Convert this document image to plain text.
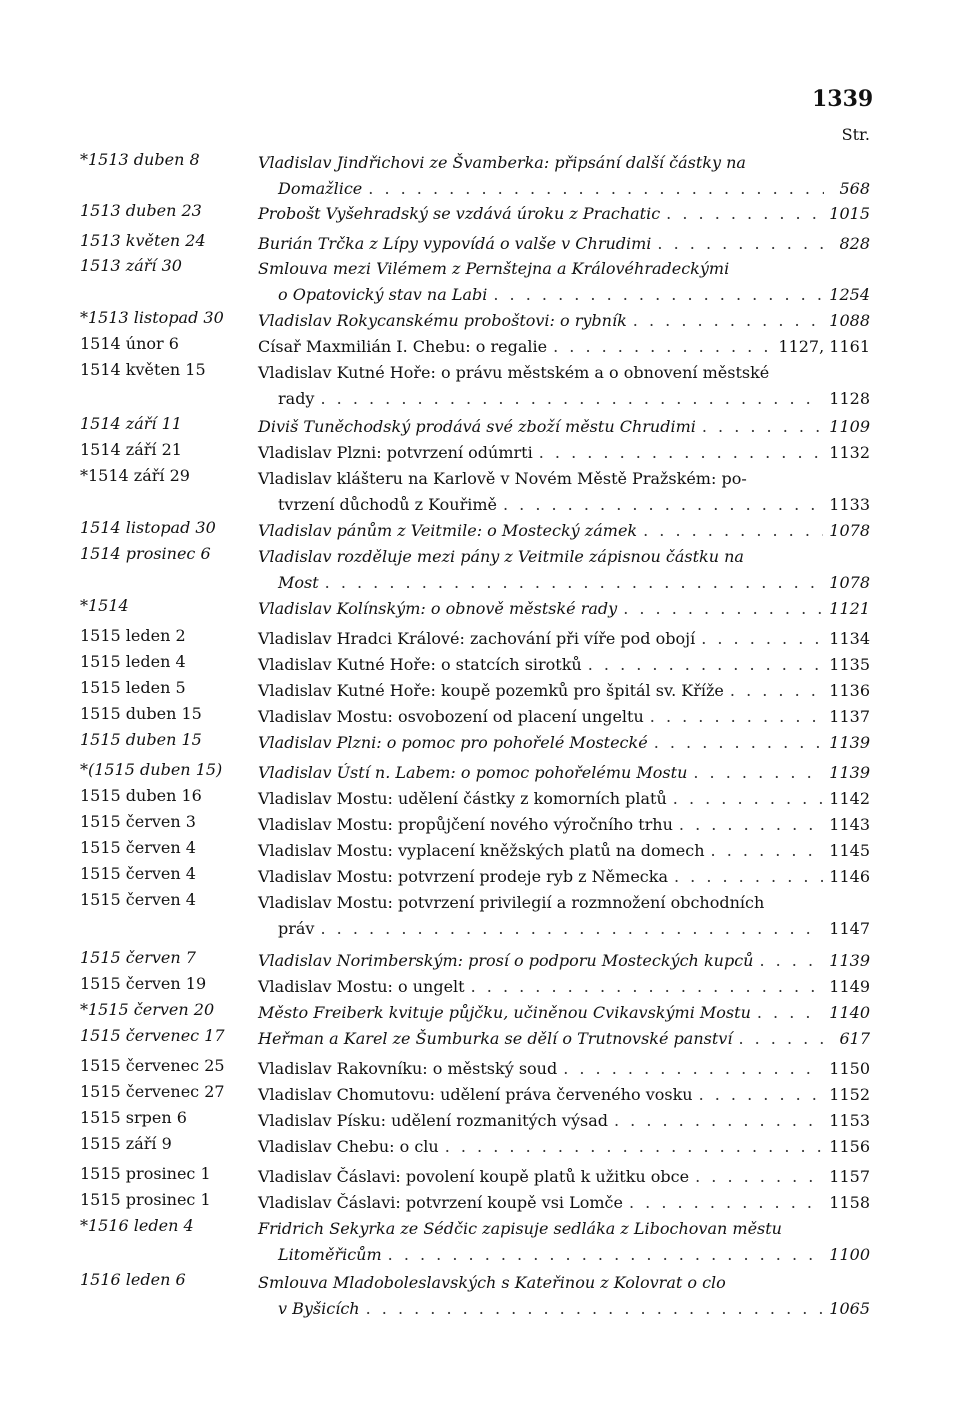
1339
Str.
*1513 duben 8	Vladislav Jindřichovi ze Švamberka: připsání další částky na
Domažlice . . .	568
1513 duben 23	Probošt Vyšehradský se vzdává úroku z Prachatic . . .	1015
1513 květen 24	Burián Trčka z Lípy vypovídá o valše v Chrudimi . . .	828
1513 září 30	Smlouva mezi Vilémem z Pernštejna a Královéhradeckými
o Opatovický stav na Labi . . .	1254
*1513 listopad 30	Vladislav Rokycanskému proboštovi: o rybník . . .	1088
1514 únor 6	Císař Maxmilián I. Chebu: o regalie . . .	1127, 1161
1514 květen 15	Vladislav Kutné Hoře: o právu městském a o obnovení městské
rady . . .	1128
1514 září 11	Diviš Tuněchodský prodává své zboží městu Chrudimi . . .	1109
1514 září 21	Vladislav Plzni: potvrzení odúmrti . . .	1132
*1514 září 29	Vladislav klášteru na Karlově v Novém Městě Pražském: po-
tvrzení důchodů z Kouřimě . . .	1133
1514 listopad 30	Vladislav pánům z Veitmile: o Mostecký zámek . . .	1078
1514 prosinec 6	Vladislav rozděluje mezi pány z Veitmile zápisnou částku na
Most . . .	1078
*1514	Vladislav Kolínským: o obnově městské rady . . .	1121
1515 leden 2	Vladislav Hradci Králové: zachování při víře pod obojí . . .	1134
1515 leden 4	Vladislav Kutné Hoře: o statcích sirotků . . .	1135
1515 leden 5	Vladislav Kutné Hoře: koupě pozemků pro špitál sv. Kříže . . .	1136
1515 duben 15	Vladislav Mostu: osvobození od placení ungeltu . . .	1137
1515 duben 15	Vladislav Plzni: o pomoc pro pohořelé Mostecké . . .	1139
*(1515 duben 15)	Vladislav Ústí n. Labem: o pomoc pohořelému Mostu . . .	1139
1515 duben 16	Vladislav Mostu: udělení částky z komorních platů . . .	1142
1515 červen 3	Vladislav Mostu: propůjčení nového výročního trhu . . .	1143
1515 červen 4	Vladislav Mostu: vyplacení kněžských platů na domech . . .	1145
1515 červen 4	Vladislav Mostu: potvrzení prodeje ryb z Německa . . .	1146
1515 červen 4	Vladislav Mostu: potvrzení privilegií a rozmnožení obchodních
práv . . .	1147
1515 červen 7	Vladislav Norimberským: prosí o podporu Mosteckých kupců . . .	1139
1515 červen 19	Vladislav Mostu: o ungelt . . .	1149
*1515 červen 20	Město Freiberk kvituje půjčku, učiněnou Cvikavskými Mostu . . .	1140
1515 červenec 17	Heřman a Karel ze Šumburka se dělí o Trutnovské panství . . .	617
1515 červenec 25	Vladislav Rakovníku: o městský soud . . .	1150
1515 červenec 27	Vladislav Chomutovu: udělení práva červeného vosku . . .	1152
1515 srpen 6	Vladislav Písku: udělení rozmanitých výsad . . .	1153
1515 září 9	Vladislav Chebu: o clu . . .	1156
1515 prosinec 1	Vladislav Čáslavi: povolení koupě platů k užitku obce . . .	1157
1515 prosinec 1	Vladislav Čáslavi: potvrzení koupě vsi Lomče . . .	1158
*1516 leden 4	Fridrich Sekyrka ze Sédčic zapisuje sedláka z Libochovan městu
Litoměřicům . . .	1100
1516 leden 6	Smlouva Mladoboleslavských s Kateřinou z Kolovrat o clo
v Byšicích . . .	1065
